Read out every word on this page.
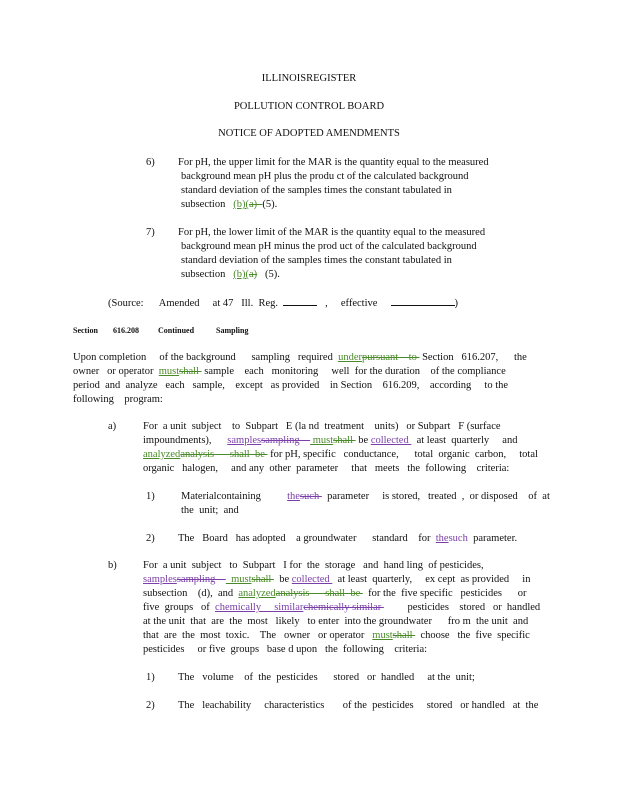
ILLINOISREGISTER
POLLUTION CONTROL BOARD
NOTICE OF ADOPTED AMENDMENTS
6) For pH, the upper limit for the MAR is the quantity equal to the measured
background mean pH plus the produ ct of the calculated background
standard deviation of the samples times the constant tabulated in
subsection   (b)(a)  (5).
7) For pH, the lower limit of the MAR is the quantity equal to the measured
background mean pH minus the prod uct of the calculated background
standard deviation of the samples times the constant tabulated in
subsection   (b)(a)   (5).
(Source:      Amended     at 47   Ill.  Reg.	,     effective	)
Section 616.208 Continued	Sampling
Upon completion     of the background      sampling   required  underpursuant    to  Section   616.207,      the
owner   or operator  mustshall  sample    each   monitoring     well  for the duration    of the compliance
period  and  analyze   each   sample,    except   as provided    in Section    616.209,    according     to the
following    program:
a)	For  a unit  subject    to  Subpart   E (la nd  treatment    units)   or Subpart   F (surface
impoundments),      samplessampling     mustshall  be collected   at least  quarterly     and
analyzedanalysis      shall  be  for pH, specific   conductance,      total  organic  carbon,     total
organic   halogen,     and any  other  parameter     that   meets   the  following    criteria:
1)	Materialcontaining          thesuch   parameter     is stored,   treated  ,  or disposed    of  at
the  unit;  and
2) The   Board   has adopted    a groundwater      standard    for  thesuch  parameter.
b)	For  a unit  subject   to  Subpart   I for  the  storage   and  hand ling  of pesticides,
samplessampling      mustshall   be collected   at least  quarterly,     ex cept  as provided     in
subsection    (d),  and  analyzedanalysis      shall  be   for the  five specific   pesticides      or
five  groups   of  chemically     similarchemically similar          pesticides    stored   or  handled
at the unit  that  are  the  most   likely   to enter  into the groundwater      fro m  the unit  and
that  are  the  most  toxic.    The   owner   or operator   mustshall   choose   the  five  specific
pesticides     or five  groups   base d upon   the  following    criteria:
1) The   volume    of  the  pesticides      stored   or  handled     at the  unit;
2) The   leachability     characteristics       of the  pesticides     stored   or handled   at  the
